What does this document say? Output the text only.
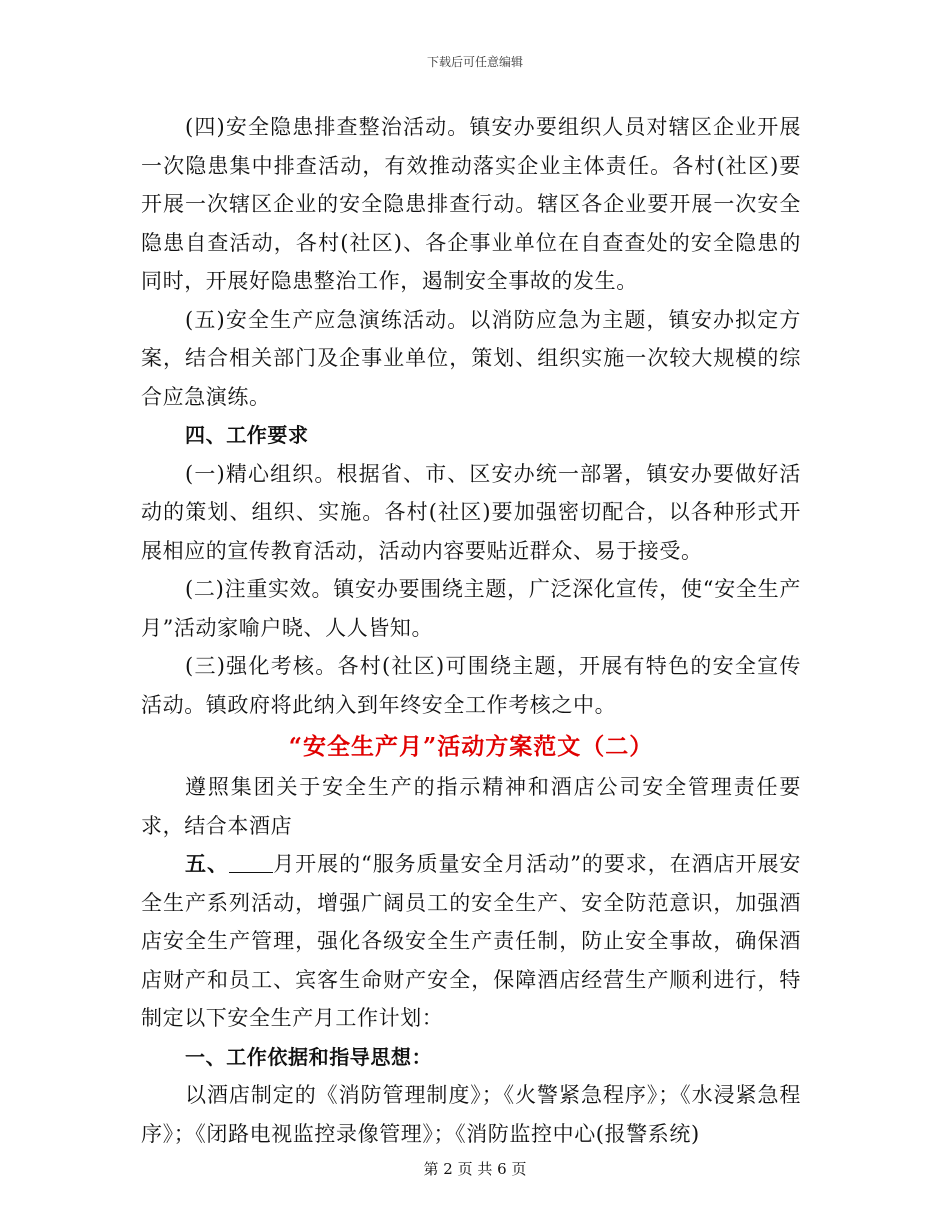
下载后可任意编辑

(四)安全隐患排查整治活动。镇安办要组织人员对辖区企业开展一次隐患集中排查活动，有效推动落实企业主体责任。各村(社区)要开展一次辖区企业的安全隐患排查行动。辖区各企业要开展一次安全隐患自查活动，各村(社区)、各企事业单位在自查查处的安全隐患的同时，开展好隐患整治工作，遏制安全事故的发生。

(五)安全生产应急演练活动。以消防应急为主题，镇安办拟定方案，结合相关部门及企事业单位，策划、组织实施一次较大规模的综合应急演练。

四、工作要求

(一)精心组织。根据省、市、区安办统一部署，镇安办要做好活动的策划、组织、实施。各村(社区)要加强密切配合，以各种形式开展相应的宣传教育活动，活动内容要贴近群众、易于接受。

(二)注重实效。镇安办要围绕主题，广泛深化宣传，使“安全生产月”活动家喻户晓、人人皆知。

(三)强化考核。各村(社区)可围绕主题，开展有特色的安全宣传活动。镇政府将此纳入到年终安全工作考核之中。

“安全生产月”活动方案范文（二）

遵照集团关于安全生产的指示精神和酒店公司安全管理责任要求，结合本酒店

五、 月开展的“服务质量安全月活动”的要求，在酒店开展安全生产系列活动，增强广阔员工的安全生产、安全防范意识，加强酒店安全生产管理，强化各级安全生产责任制，防止安全事故，确保酒店财产和员工、宾客生命财产安全，保障酒店经营生产顺利进行，特制定以下安全生产月工作计划：

一、工作依据和指导思想：

以酒店制定的《消防管理制度》；《火警紧急程序》；《水浸紧急程序》；《闭路电视监控录像管理》；《消防监控中心(报警系统)

第 2 页 共 6 页
